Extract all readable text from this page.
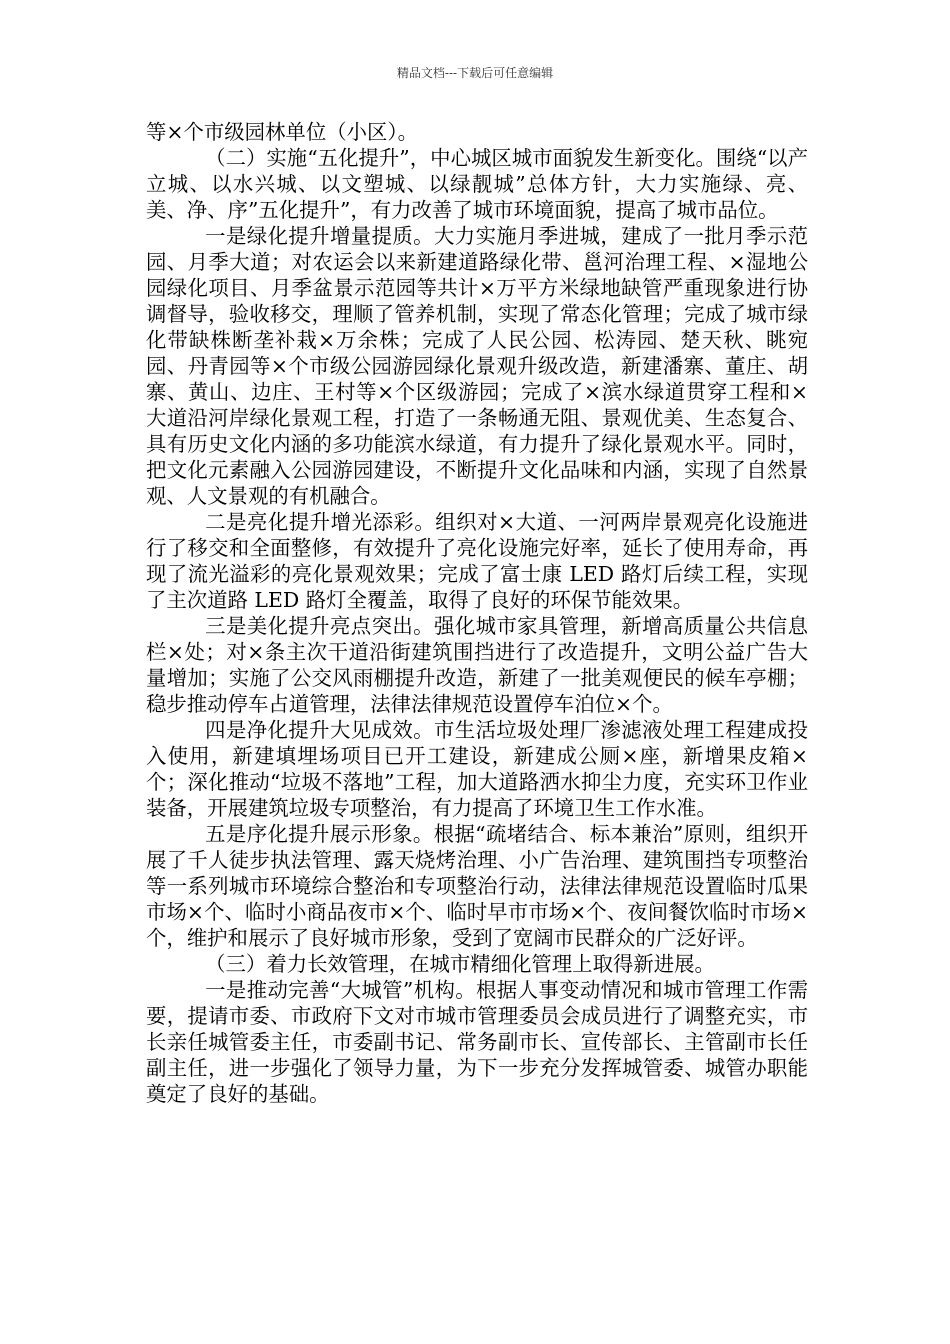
精品文档---下载后可任意编辑

等×个市级园林单位（小区）。

（二）实施“五化提升”，中心城区城市面貌发生新变化。围绕“以产立城、以水兴城、以文塑城、以绿靓城”总体方针，大力实施绿、亮、美、净、序”五化提升”，有力改善了城市环境面貌，提高了城市品位。

一是绿化提升增量提质。大力实施月季进城，建成了一批月季示范园、月季大道；对农运会以来新建道路绿化带、邕河治理工程、×湿地公园绿化项目、月季盆景示范园等共计×万平方米绿地缺管严重现象进行协调督导，验收移交，理顺了管养机制，实现了常态化管理；完成了城市绿化带缺株断垄补栽×万余株；完成了人民公园、松涛园、楚天秋、眺宛园、丹青园等×个市级公园游园绿化景观升级改造，新建潘寨、董庄、胡寨、黄山、边庄、王村等×个区级游园；完成了×滨水绿道贯穿工程和×大道沿河岸绿化景观工程，打造了一条畅通无阻、景观优美、生态复合、具有历史文化内涵的多功能滨水绿道，有力提升了绿化景观水平。同时，把文化元素融入公园游园建设，不断提升文化品味和内涵，实现了自然景观、人文景观的有机融合。

二是亮化提升增光添彩。组织对×大道、一河两岸景观亮化设施进行了移交和全面整修，有效提升了亮化设施完好率，延长了使用寿命，再现了流光溢彩的亮化景观效果；完成了富士康 LED 路灯后续工程，实现了主次道路 LED 路灯全覆盖，取得了良好的环保节能效果。

三是美化提升亮点突出。强化城市家具管理，新增高质量公共信息栏×处；对×条主次干道沿街建筑围挡进行了改造提升，文明公益广告大量增加；实施了公交风雨棚提升改造，新建了一批美观便民的候车亭棚；稳步推动停车占道管理，法律法律规范设置停车泊位×个。

四是净化提升大见成效。市生活垃圾处理厂渗滤液处理工程建成投入使用，新建填埋场项目已开工建设，新建成公厕×座，新增果皮箱×个；深化推动“垃圾不落地”工程，加大道路洒水抑尘力度，充实环卫作业装备，开展建筑垃圾专项整治，有力提高了环境卫生工作水准。

五是序化提升展示形象。根据“疏堵结合、标本兼治”原则，组织开展了千人徒步执法管理、露天烧烤治理、小广告治理、建筑围挡专项整治等一系列城市环境综合整治和专项整治行动，法律法律规范设置临时瓜果市场×个、临时小商品夜市×个、临时早市市场×个、夜间餐饮临时市场×个，维护和展示了良好城市形象，受到了宽阔市民群众的广泛好评。

（三）着力长效管理，在城市精细化管理上取得新进展。

一是推动完善“大城管”机构。根据人事变动情况和城市管理工作需要，提请市委、市政府下文对市城市管理委员会成员进行了调整充实，市长亲任城管委主任，市委副书记、常务副市长、宣传部长、主管副市长任副主任，进一步强化了领导力量，为下一步充分发挥城管委、城管办职能奠定了良好的基础。
